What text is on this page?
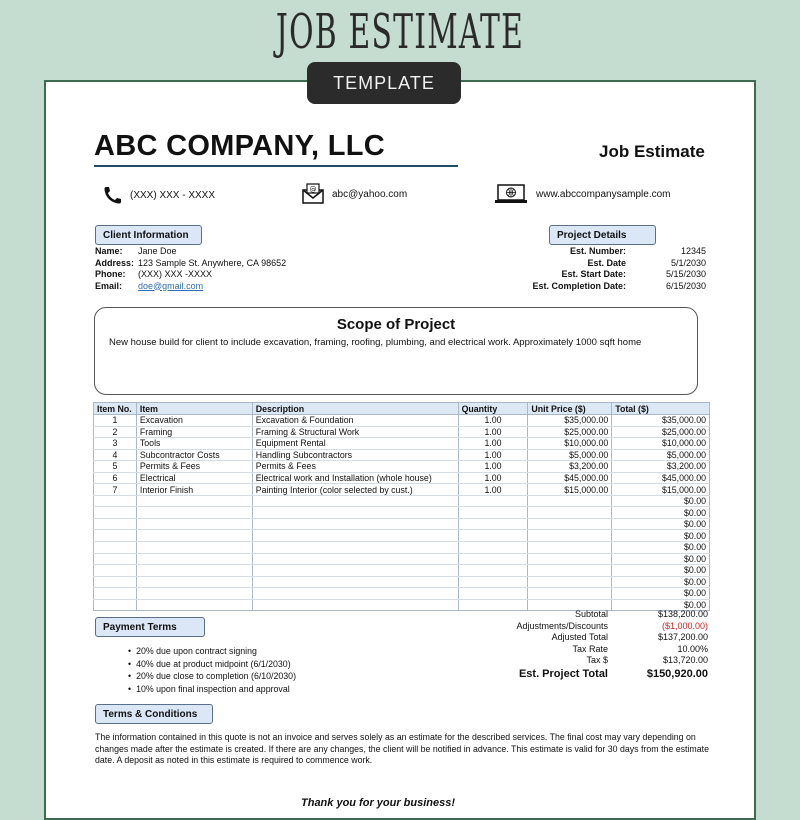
JOB ESTIMATE
TEMPLATE
ABC COMPANY, LLC	Job Estimate
(XXX) XXX - XXXX	@ abc@yahoo.com	www.abccompanysample.com
Client Information	Project Details
Name:	Jane Doe
Address: 123 Sample St. Anywhere, CA 98652
Phone:	(XXX) XXX -XXXX
Email:	doe@gmail.com
Est. Number:	12345
Est. Date	5/1/2030
Est. Start Date:	5/15/2030
Est. Completion Date:	6/15/2030
Scope of Project
New house build for client to include excavation, framing, roofing, plumbing, and electrical work. Approximately 1000 sqft home
Item No.	Item	Description	Quantity	Unit Price ($)	Total ($)
1	Excavation	Excavation & Foundation	1.00	$35,000.00	$35,000.00
2	Framing	Framing & Structural Work	1.00	$25,000.00	$25,000.00
3	Tools	Equipment Rental	1.00	$10,000.00	$10,000.00
4	Subcontractor Costs	Handling Subcontractors	1.00	$5,000.00	$5,000.00
5	Permits & Fees	Permits & Fees	1.00	$3,200.00	$3,200.00
6	Electrical	Electrical work and Installation (whole house)	1.00	$45,000.00	$45,000.00
7	Interior Finish	Painting Interior (color selected by cust.)	1.00	$15,000.00	$15,000.00
					$0.00
					$0.00
					$0.00
					$0.00
					$0.00
					$0.00
					$0.00
					$0.00
					$0.00
					$0.00
Payment Terms
• 20% due upon contract signing
• 40% due at product midpoint (6/1/2030)
• 20% due close to completion (6/10/2030)
• 10% upon final inspection and approval
Subtotal	$138,200.00
Adjustments/Discounts	($1,000.00)
Adjusted Total	$137,200.00
Tax Rate	10.00%
Tax $	$13,720.00
Est. Project Total	$150,920.00
Terms & Conditions
The information contained in this quote is not an invoice and serves solely as an estimate for the described services. The final cost may vary depending on changes made after the estimate is created. If there are any changes, the client will be notified in advance. This estimate is valid for 30 days from the estimate date. A deposit as noted in this estimate is required to commence work.
Thank you for your business!
